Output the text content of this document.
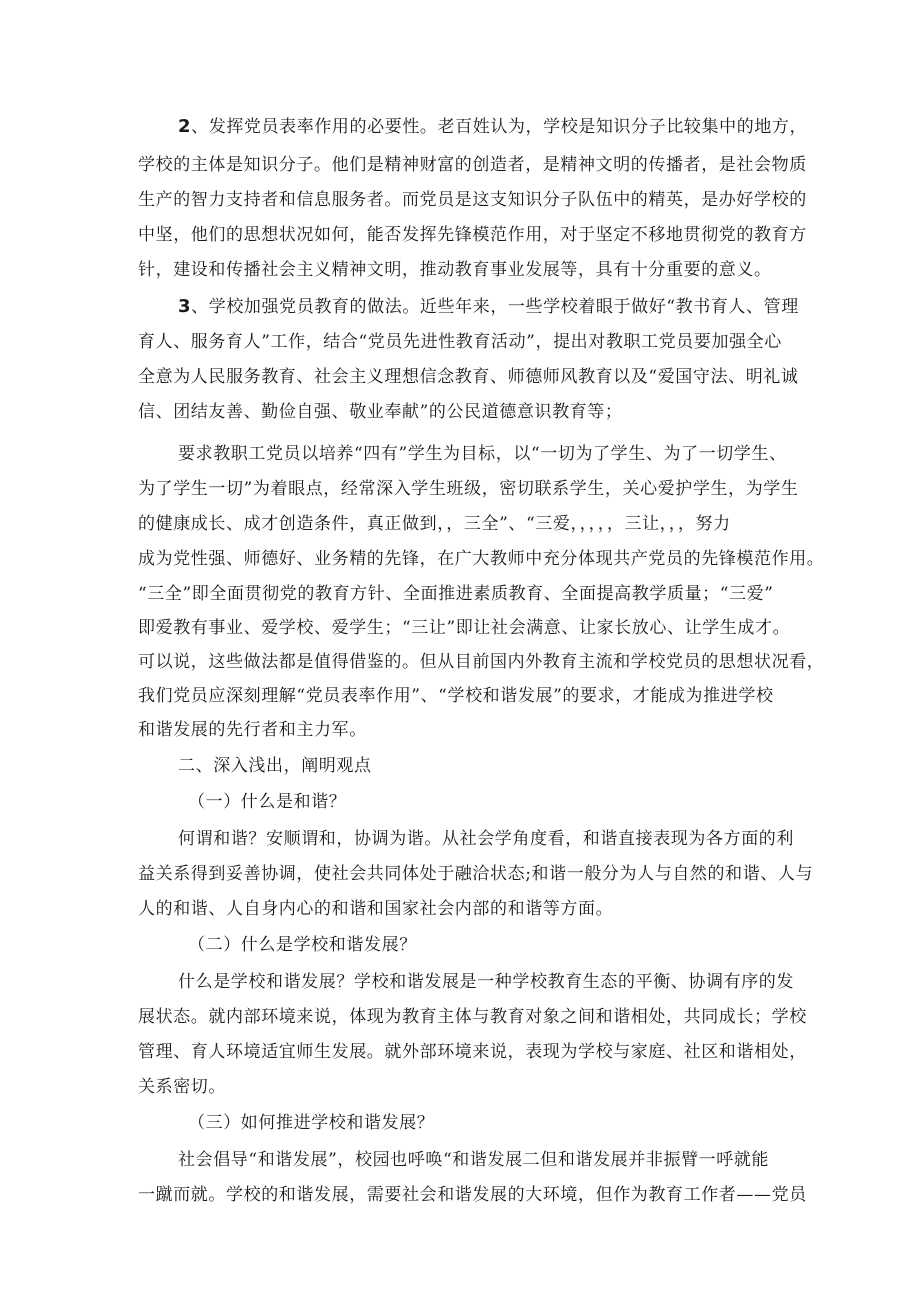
2、发挥党员表率作用的必要性。老百姓认为，学校是知识分子比较集中的地方，
学校的主体是知识分子。他们是精神财富的创造者，是精神文明的传播者，是社会物质
生产的智力支持者和信息服务者。而党员是这支知识分子队伍中的精英，是办好学校的
中坚，他们的思想状况如何，能否发挥先锋模范作用，对于坚定不移地贯彻党的教育方
针，建设和传播社会主义精神文明，推动教育事业发展等，具有十分重要的意义。
3、学校加强党员教育的做法。近些年来，一些学校着眼于做好“教书育人、管理
育人、服务育人”工作，结合“党员先进性教育活动”，提出对教职工党员要加强全心
全意为人民服务教育、社会主义理想信念教育、师德师风教育以及“爱国守法、明礼诚
信、团结友善、勤俭自强、敬业奉献”的公民道德意识教育等；
要求教职工党员以培养“四有”学生为目标，以“一切为了学生、为了一切学生、
为了学生一切”为着眼点，经常深入学生班级，密切联系学生，关心爱护学生，为学生
的健康成长、成才创造条件，真正做到，，三全”、“三爱，，，，，三让，，，努力
成为党性强、师德好、业务精的先锋，在广大教师中充分体现共产党员的先锋模范作用。
“三全”即全面贯彻党的教育方针、全面推进素质教育、全面提高教学质量；“三爱”
即爱教有事业、爱学校、爱学生；“三让”即让社会满意、让家长放心、让学生成才。
可以说，这些做法都是值得借鉴的。但从目前国内外教育主流和学校党员的思想状况看，
我们党员应深刻理解“党员表率作用”、“学校和谐发展”的要求，才能成为推进学校
和谐发展的先行者和主力军。
二、深入浅出，阐明观点
（一）什么是和谐？
何谓和谐？安顺谓和，协调为谐。从社会学角度看，和谐直接表现为各方面的利
益关系得到妥善协调，使社会共同体处于融洽状态;和谐一般分为人与自然的和谐、人与
人的和谐、人自身内心的和谐和国家社会内部的和谐等方面。
（二）什么是学校和谐发展？
什么是学校和谐发展？学校和谐发展是一种学校教育生态的平衡、协调有序的发
展状态。就内部环境来说，体现为教育主体与教育对象之间和谐相处，共同成长；学校
管理、育人环境适宜师生发展。就外部环境来说，表现为学校与家庭、社区和谐相处，
关系密切。
（三）如何推进学校和谐发展？
社会倡导“和谐发展”，校园也呼唤“和谐发展二但和谐发展并非振臂一呼就能
一蹴而就。学校的和谐发展，需要社会和谐发展的大环境，但作为教育工作者——党员
